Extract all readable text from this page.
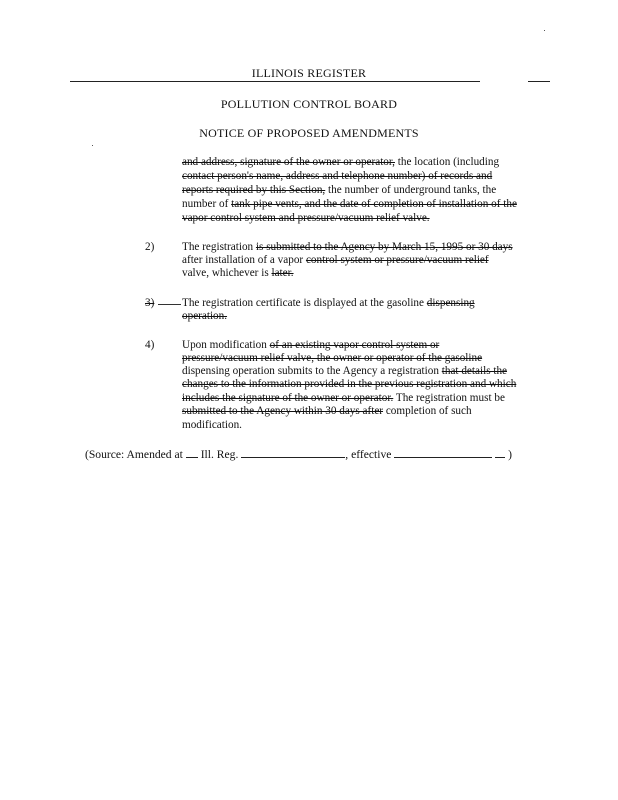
ILLINOIS REGISTER
POLLUTION CONTROL BOARD
NOTICE OF PROPOSED AMENDMENTS
and address, signature of the owner or operator, the location (including
contact person's name, address and telephone number) of records and
reports required by this Section, the number of underground tanks, the
number of tank pipe vents, and the date of completion of installation of the
vapor control system and pressure/vacuum relief valve.
2) The registration is submitted to the Agency by March 15, 1995 or 30 days
after installation of a vapor control system or pressure/vacuum relief
valve, whichever is later.
3) The registration certificate is displayed at the gasoline dispensing
operation.
4) Upon modification of an existing vapor control system or
pressure/vacuum relief valve, the owner or operator of the gasoline
dispensing operation submits to the Agency a registration that details the
changes to the information provided in the previous registration and which
includes the signature of the owner or operator. The registration must be
submitted to the Agency within 30 days after completion of such
modification.
(Source: Amended at Ill. Reg.	, effective	)
